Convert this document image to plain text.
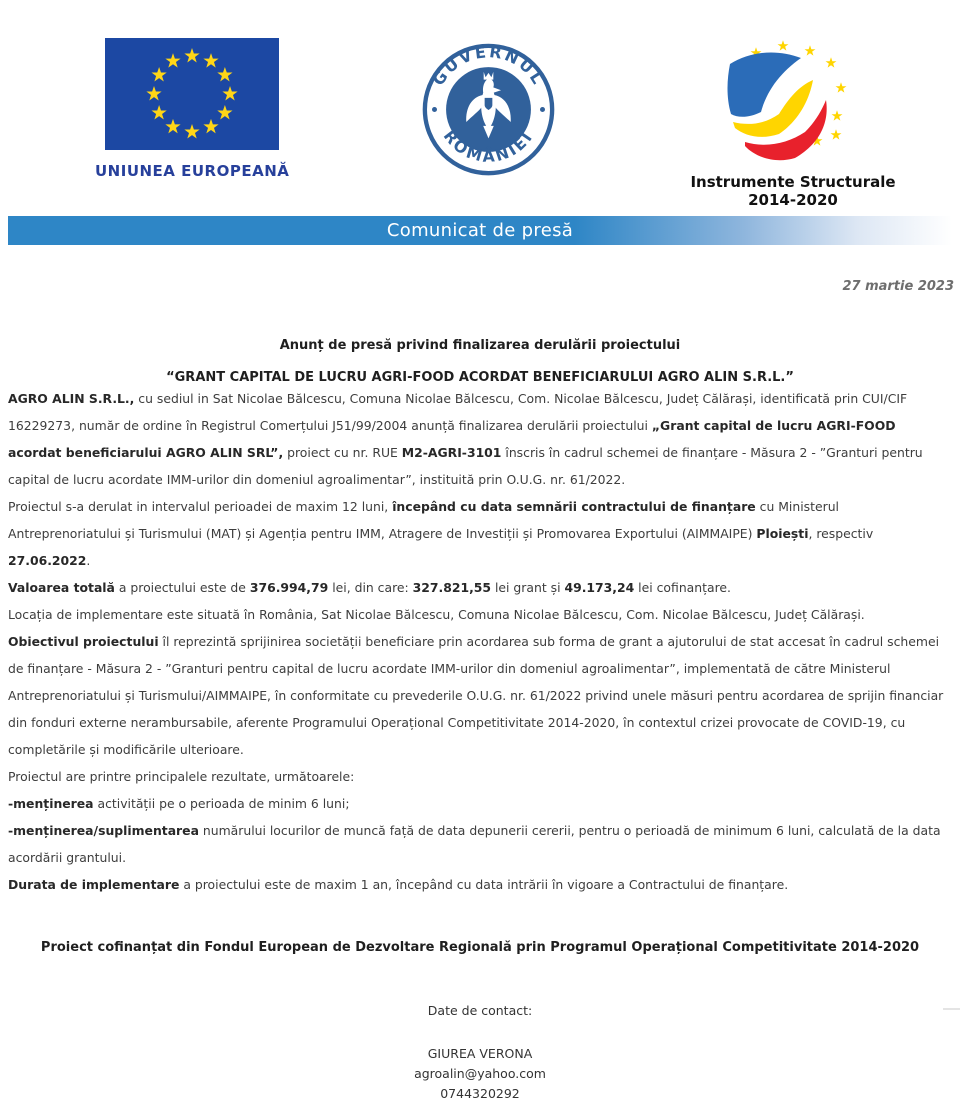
UNIUNEA EUROPEANĂ
GUVERNUL
ROMÂNIEI
Instrumente Structurale
2014-2020
Comunicat de presă
27 martie 2023
Anunț de presă privind finalizarea derulării proiectului
“GRANT CAPITAL DE LUCRU AGRI-FOOD ACORDAT BENEFICIARULUI AGRO ALIN S.R.L.”

AGRO ALIN S.R.L., cu sediul in Sat Nicolae Bălcescu, Comuna Nicolae Bălcescu, Com. Nicolae Bălcescu, Județ Călărași, identificată prin CUI/CIF 16229273, număr de ordine în Registrul Comerțului J51/99/2004 anunță finalizarea derulării proiectului „Grant capital de lucru AGRI-FOOD acordat beneficiarului AGRO ALIN SRL”, proiect cu nr. RUE M2-AGRI-3101 înscris în cadrul schemei de finanțare - Măsura 2 - ”Granturi pentru capital de lucru acordate IMM-urilor din domeniul agroalimentar”, instituită prin O.U.G. nr. 61/2022.

Proiectul s-a derulat in intervalul perioadei de maxim 12 luni, începând cu data semnării contractului de finanțare cu Ministerul Antreprenoriatului și Turismului (MAT) și Agenția pentru IMM, Atragere de Investiții și Promovarea Exportului (AIMMAIPE) Ploiești, respectiv 27.06.2022.

Valoarea totală a proiectului este de 376.994,79 lei, din care: 327.821,55 lei grant și 49.173,24 lei cofinanțare.

Locația de implementare este situată în România, Sat Nicolae Bălcescu, Comuna Nicolae Bălcescu, Com. Nicolae Bălcescu, Județ Călărași.

Obiectivul proiectului îl reprezintă sprijinirea societății beneficiare prin acordarea sub forma de grant a ajutorului de stat accesat în cadrul schemei de finanțare - Măsura 2 - ”Granturi pentru capital de lucru acordate IMM-urilor din domeniul agroalimentar”, implementată de către Ministerul Antreprenoriatului și Turismului/AIMMAIPE, în conformitate cu prevederile O.U.G. nr. 61/2022 privind unele măsuri pentru acordarea de sprijin financiar din fonduri externe nerambursabile, aferente Programului Operațional Competitivitate 2014-2020, în contextul crizei provocate de COVID-19, cu completările și modificările ulterioare.

Proiectul are printre principalele rezultate, următoarele:

-menținerea activității pe o perioada de minim 6 luni;

-menținerea/suplimentarea numărului locurilor de muncă față de data depunerii cererii, pentru o perioadă de minimum 6 luni, calculată de la data acordării grantului.

Durata de implementare a proiectului este de maxim 1 an, începând cu data intrării în vigoare a Contractului de finanțare.

Proiect cofinanțat din Fondul European de Dezvoltare Regională prin Programul Operațional Competitivitate 2014-2020
Date de contact:
GIUREA VERONA
agroalin@yahoo.com
0744320292
